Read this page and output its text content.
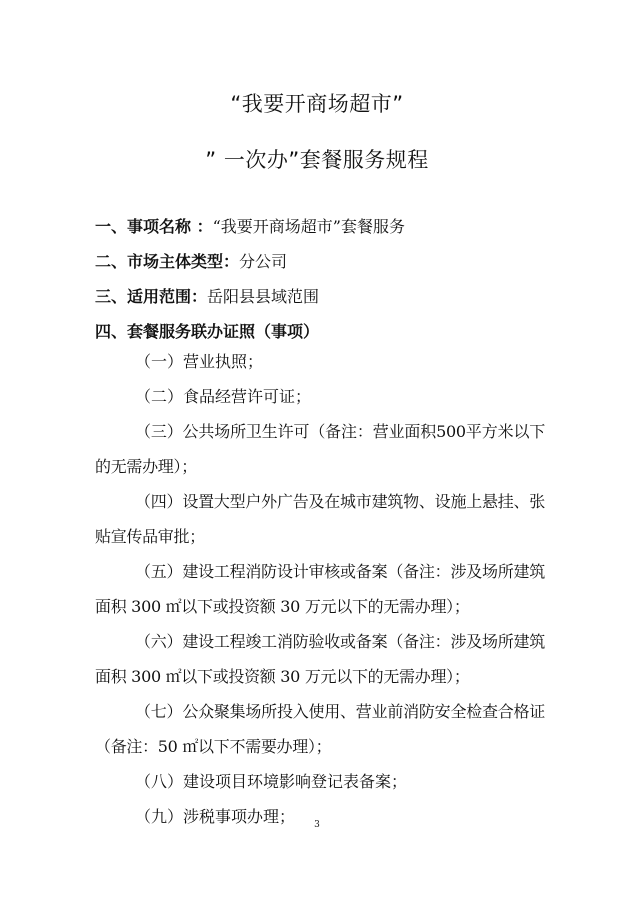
“我要开商场超市”
” 一次办”套餐服务规程
一、事项名称 ：“我要开商场超市”套餐服务
二、市场主体类型：分公司
三、适用范围：岳阳县县域范围
四、套餐服务联办证照（事项）

（一）营业执照；

（二）食品经营许可证；

（三）公共场所卫生许可（备注：营业面积500平方米以下的无需办理）；

（四）设置大型户外广告及在城市建筑物、设施上悬挂、张贴宣传品审批；

（五）建设工程消防设计审核或备案（备注：涉及场所建筑面积 300 ㎡以下或投资额 30 万元以下的无需办理）；

（六）建设工程竣工消防验收或备案（备注：涉及场所建筑面积 300 ㎡以下或投资额 30 万元以下的无需办理）；

（七）公众聚集场所投入使用、营业前消防安全检查合格证（备注：50 ㎡以下不需要办理）；

（八）建设项目环境影响登记表备案；

（九）涉税事项办理；	3
